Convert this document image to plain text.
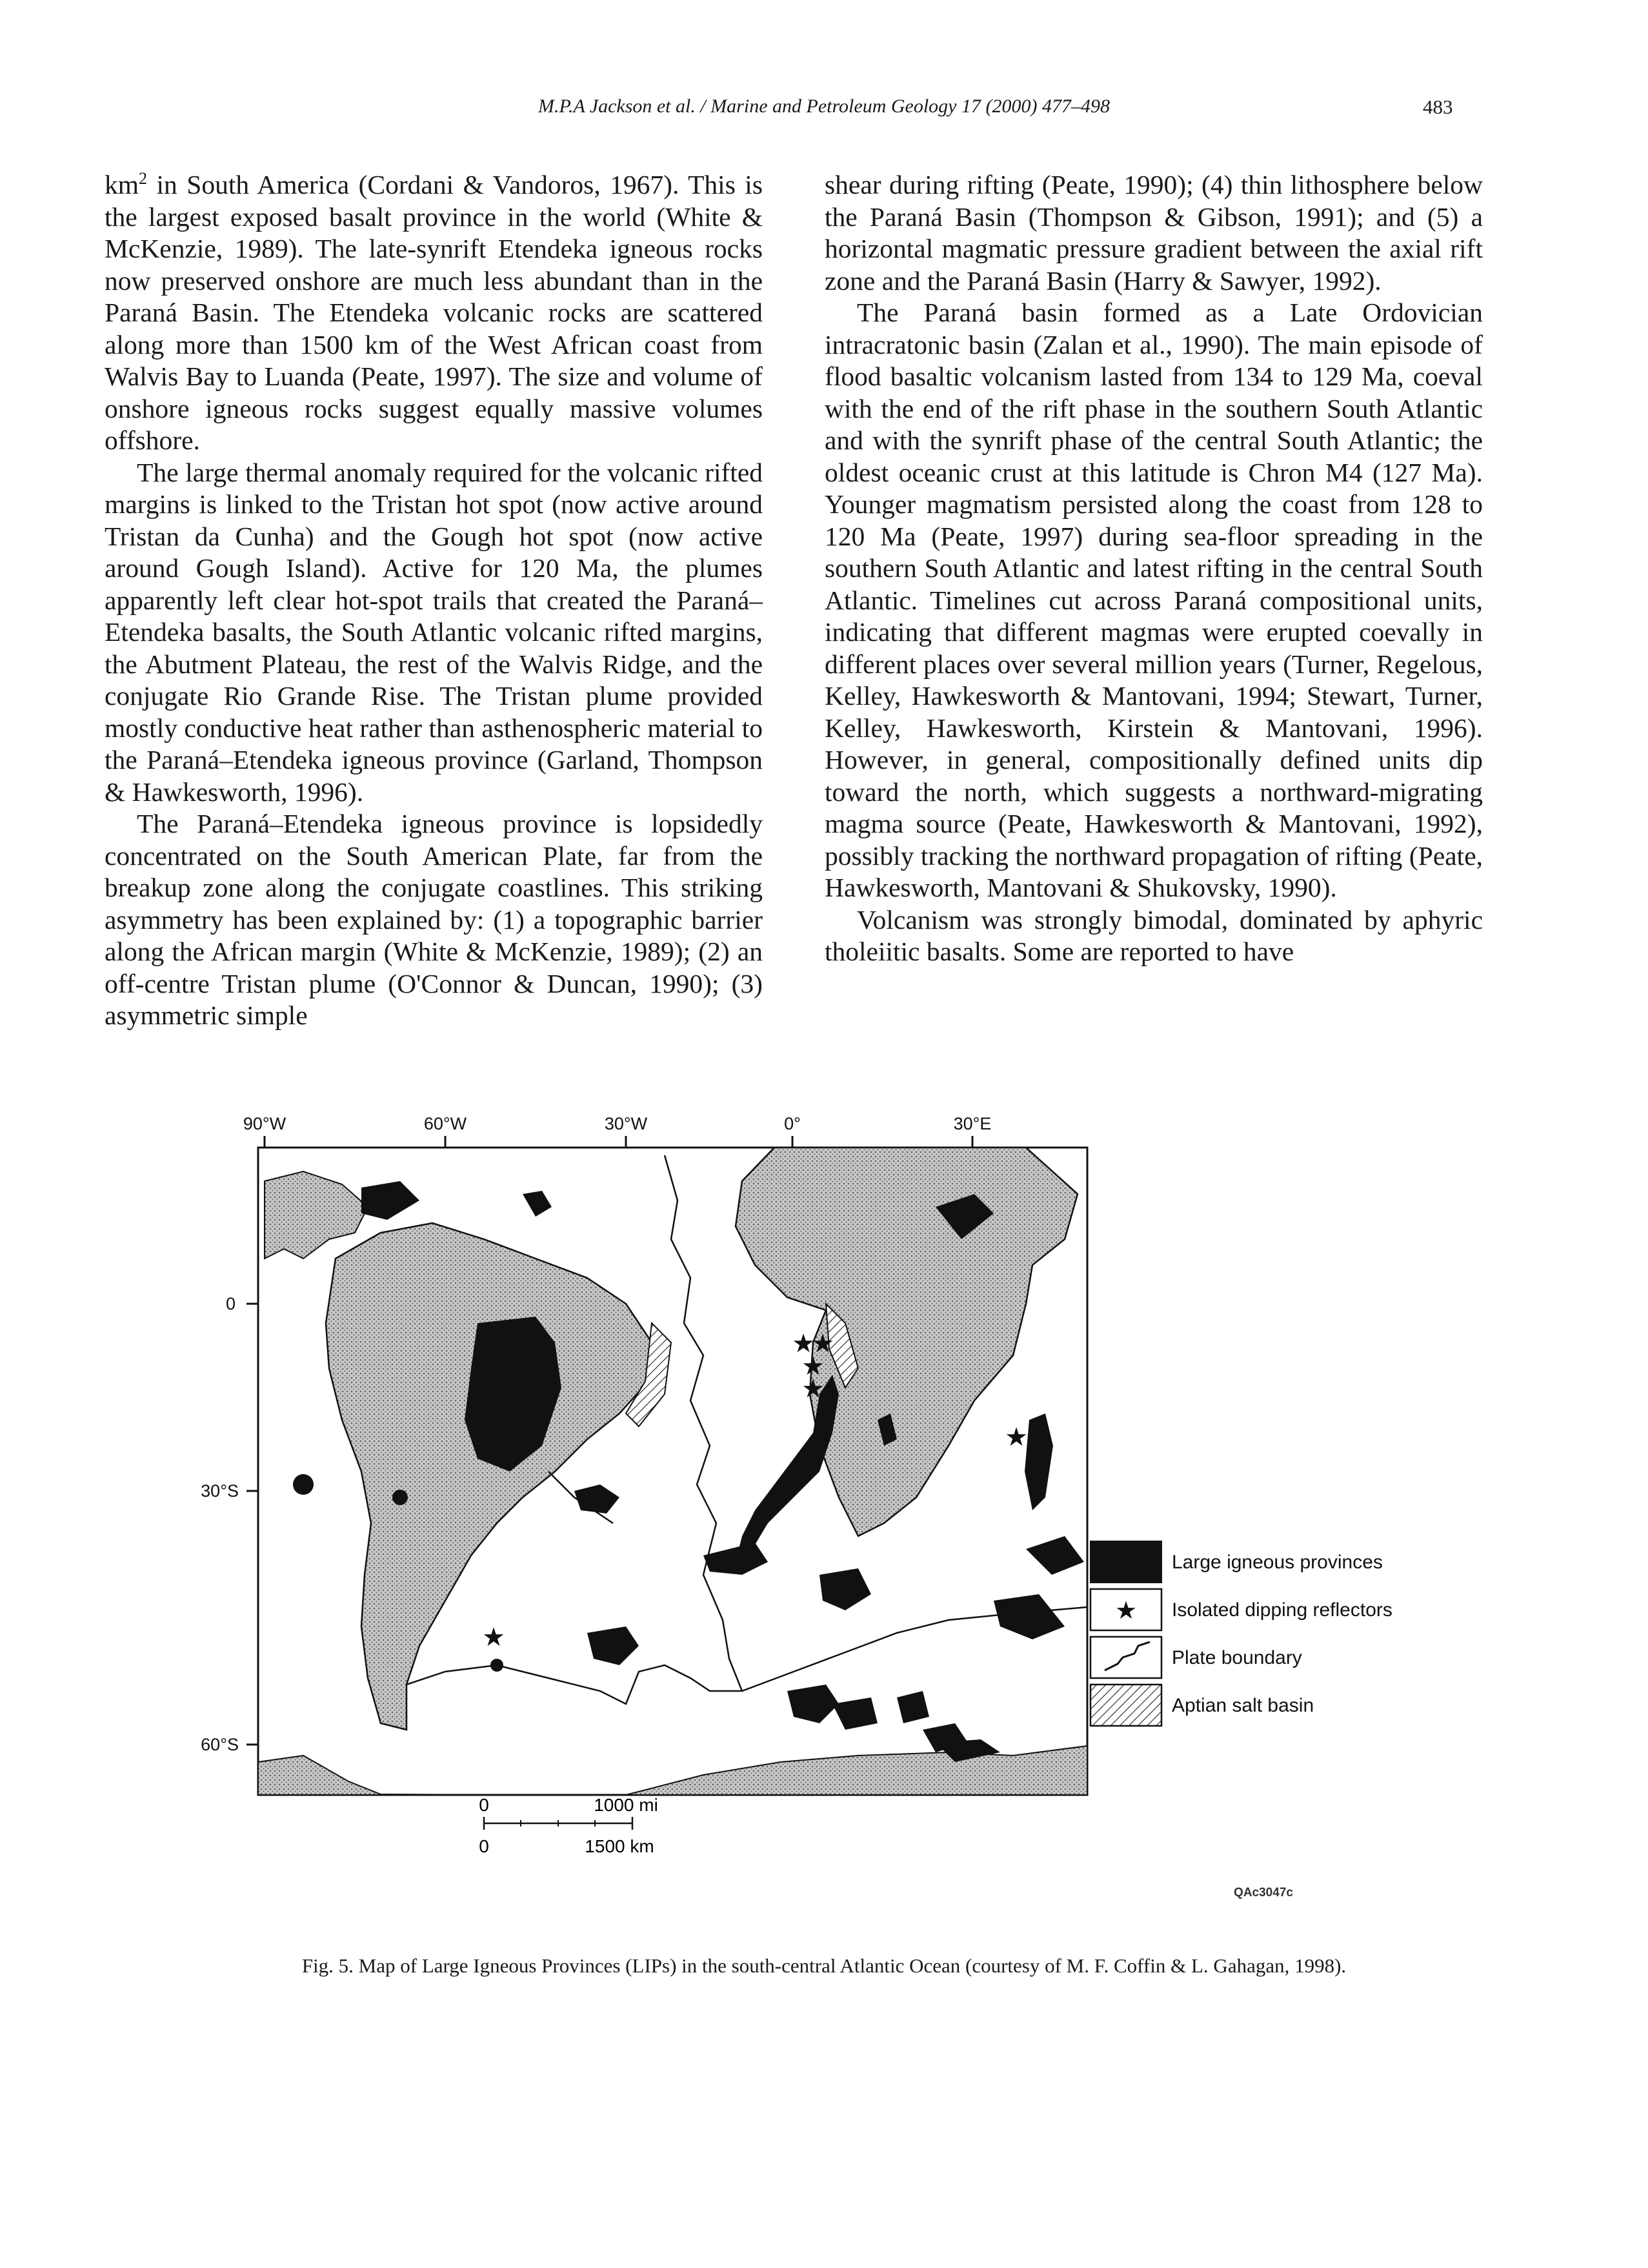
M.P.A Jackson et al. / Marine and Petroleum Geology 17 (2000) 477–498	483

$km^2$ in South America (Cordani & Vandoros, 1967). This is the largest exposed basalt province in the world (White & McKenzie, 1989). The late-synrift Etendeka igneous rocks now preserved onshore are much less abundant than in the Paraná Basin. The Etendeka volcanic rocks are scattered along more than 1500 km of the West African coast from Walvis Bay to Luanda (Peate, 1997). The size and volume of onshore igneous rocks suggest equally massive volumes offshore.

The large thermal anomaly required for the volcanic rifted margins is linked to the Tristan hot spot (now active around Tristan da Cunha) and the Gough hot spot (now active around Gough Island). Active for 120 Ma, the plumes apparently left clear hot-spot trails that created the Paraná–Etendeka basalts, the South Atlantic volcanic rifted margins, the Abutment Plateau, the rest of the Walvis Ridge, and the conjugate Rio Grande Rise. The Tristan plume provided mostly conductive heat rather than asthenospheric material to the Paraná–Etendeka igneous province (Garland, Thompson & Hawkesworth, 1996).

The Paraná–Etendeka igneous province is lopsidedly concentrated on the South American Plate, far from the breakup zone along the conjugate coastlines. This striking asymmetry has been explained by: (1) a topographic barrier along the African margin (White & McKenzie, 1989); (2) an off-centre Tristan plume (O'Connor & Duncan, 1990); (3) asymmetric simple

shear during rifting (Peate, 1990); (4) thin lithosphere below the Paraná Basin (Thompson & Gibson, 1991); and (5) a horizontal magmatic pressure gradient between the axial rift zone and the Paraná Basin (Harry & Sawyer, 1992).

The Paraná basin formed as a Late Ordovician intracratonic basin (Zalan et al., 1990). The main episode of flood basaltic volcanism lasted from 134 to 129 Ma, coeval with the end of the rift phase in the southern South Atlantic and with the synrift phase of the central South Atlantic; the oldest oceanic crust at this latitude is Chron M4 (127 Ma). Younger magmatism persisted along the coast from 128 to 120 Ma (Peate, 1997) during sea-floor spreading in the southern South Atlantic and latest rifting in the central South Atlantic. Timelines cut across Paraná compositional units, indicating that different magmas were erupted coevally in different places over several million years (Turner, Regelous, Kelley, Hawkesworth & Mantovani, 1994; Stewart, Turner, Kelley, Hawkesworth, Kirstein & Mantovani, 1996). However, in general, compositionally defined units dip toward the north, which suggests a northward-migrating magma source (Peate, Hawkesworth & Mantovani, 1992), possibly tracking the northward propagation of rifting (Peate, Hawkesworth, Mantovani & Shukovsky, 1990).

Volcanism was strongly bimodal, dominated by aphyric tholeiitic basalts. Some are reported to have

90°W	60°W	30°W	0°	30°E
0
30°S
60°S
★
★
★
★
★
★
0	1000 mi
0	1500 km
Large igneous provinces
★ Isolated dipping reflectors
Plate boundary
Aptian salt basin
QAc3047c
Fig. 5. Map of Large Igneous Provinces (LIPs) in the south-central Atlantic Ocean (courtesy of M. F. Coffin & L. Gahagan, 1998).
